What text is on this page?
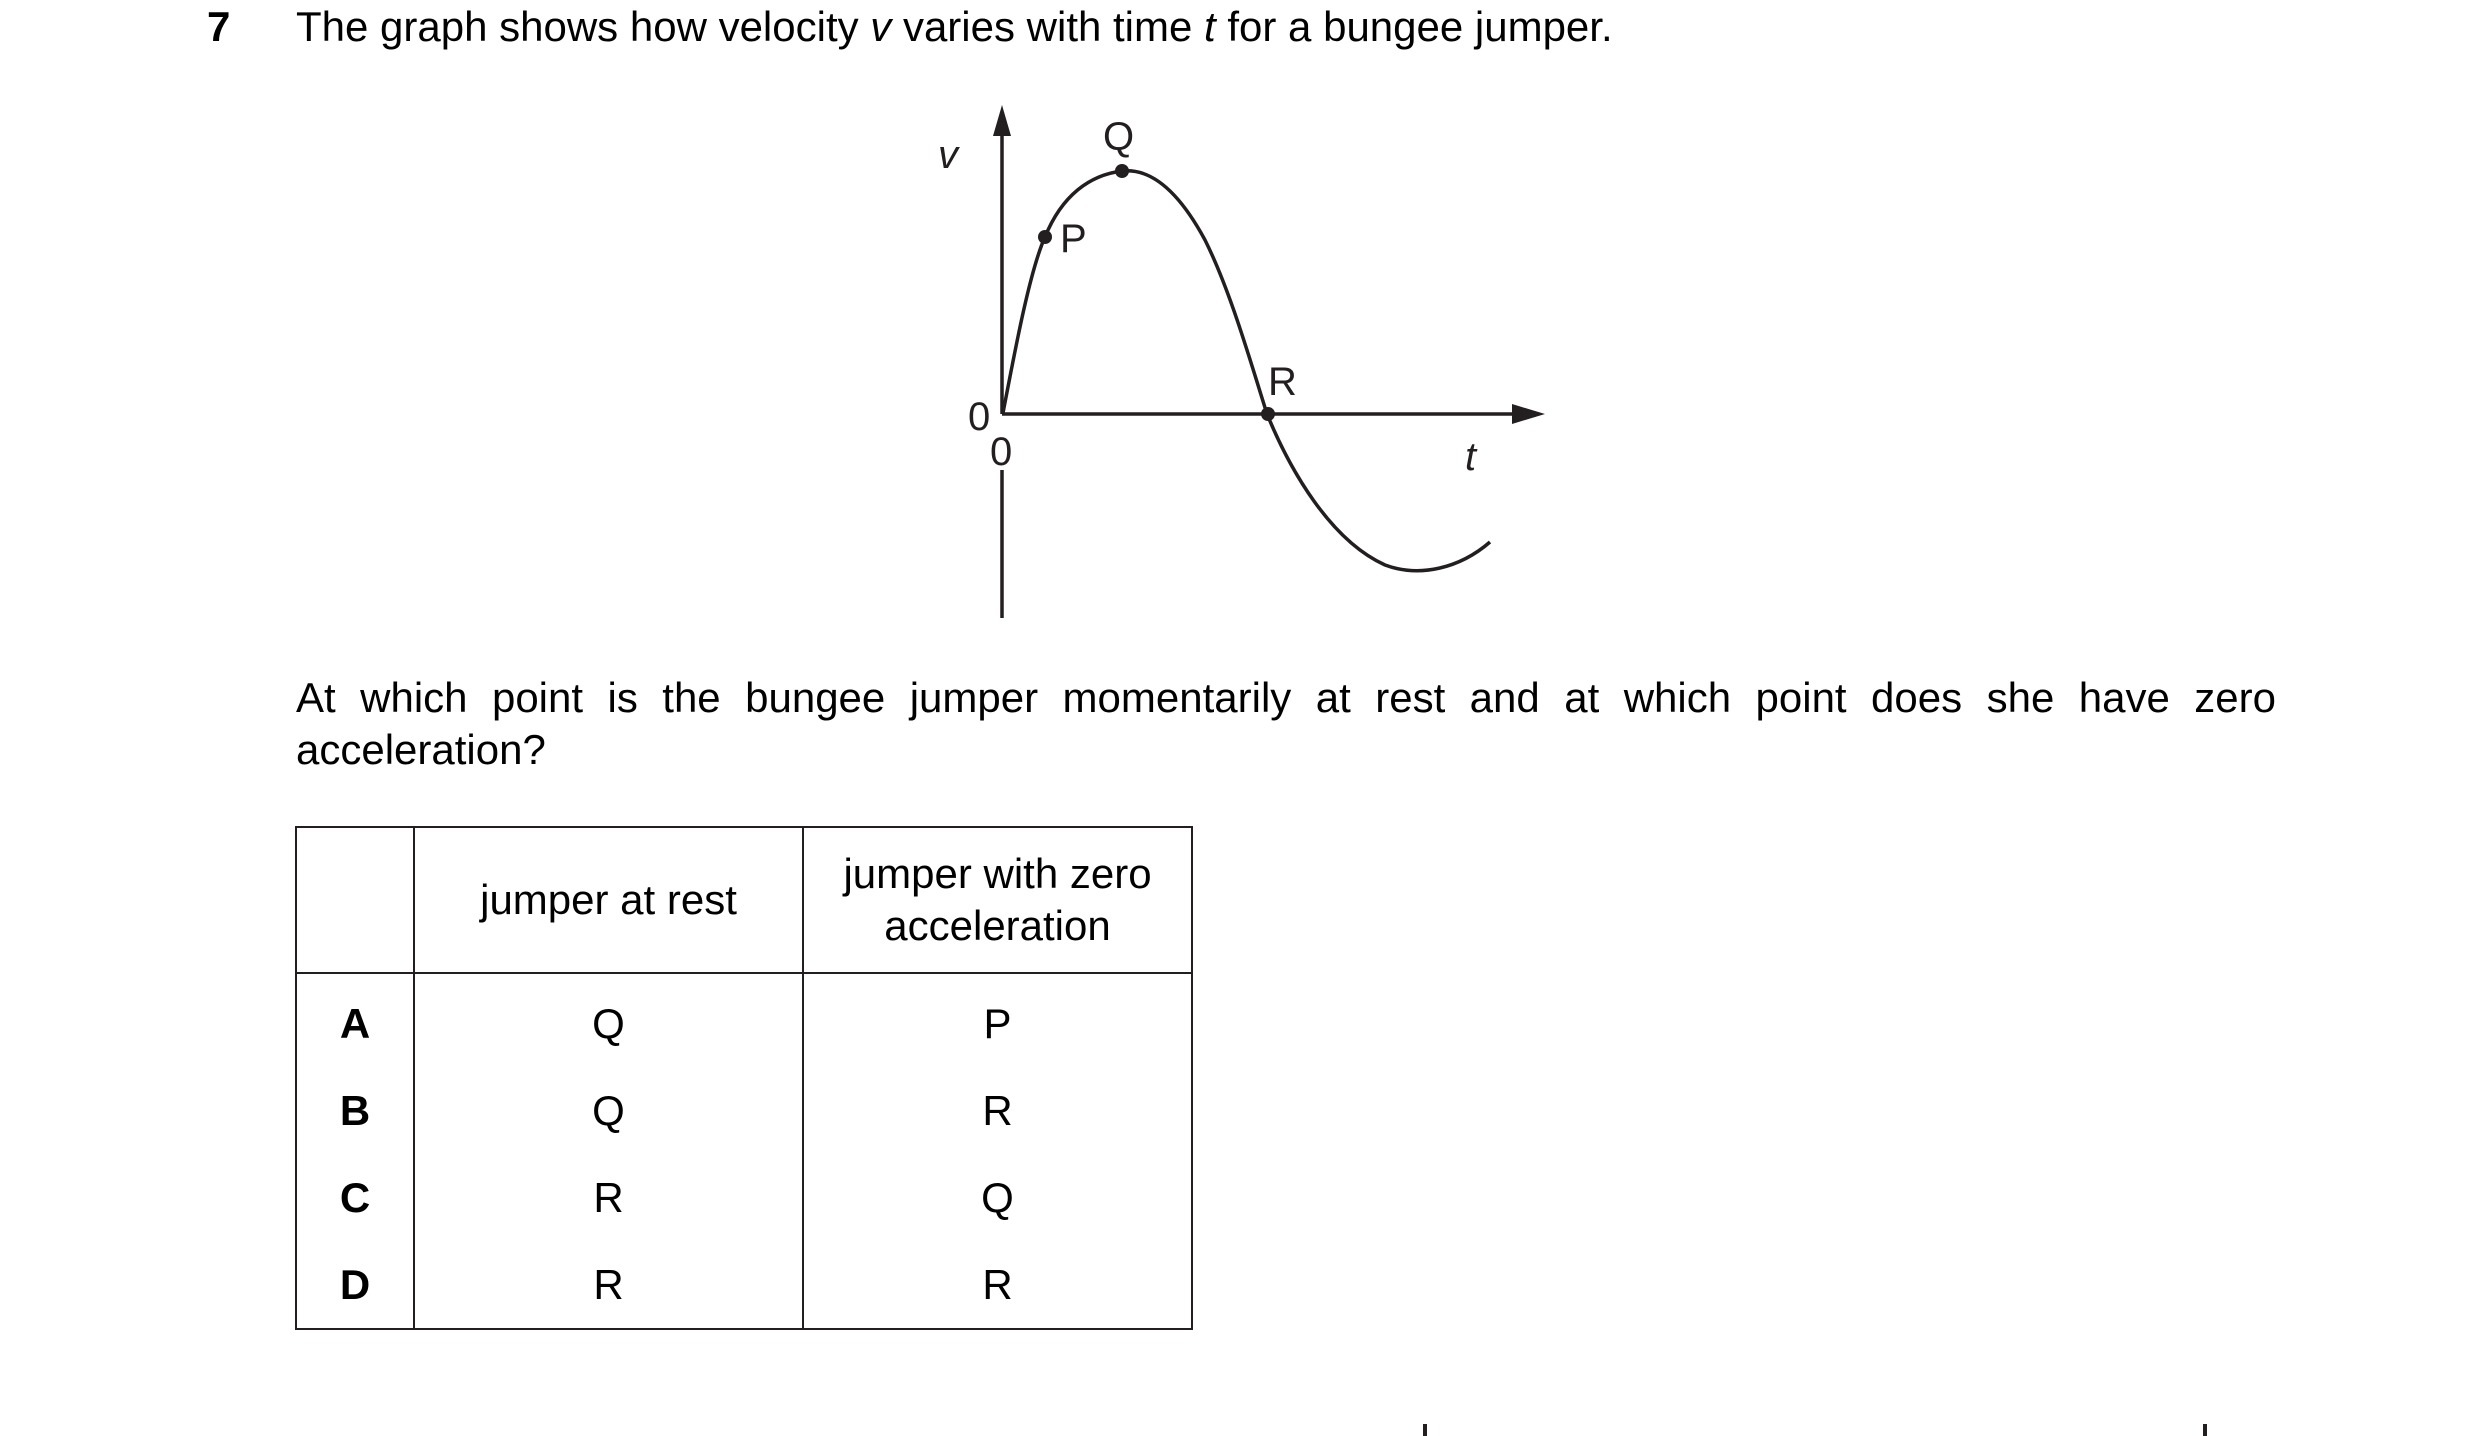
7 The graph shows how velocity v varies with time t for a bungee jumper.
v
t
0
0
P
Q
R
At which point is the bungee jumper momentarily at rest and at which point does she have zero acceleration?
	jumper at rest	jumper with zero
acceleration
A	Q	P
B	Q	R
C	R	Q
D	R	R
